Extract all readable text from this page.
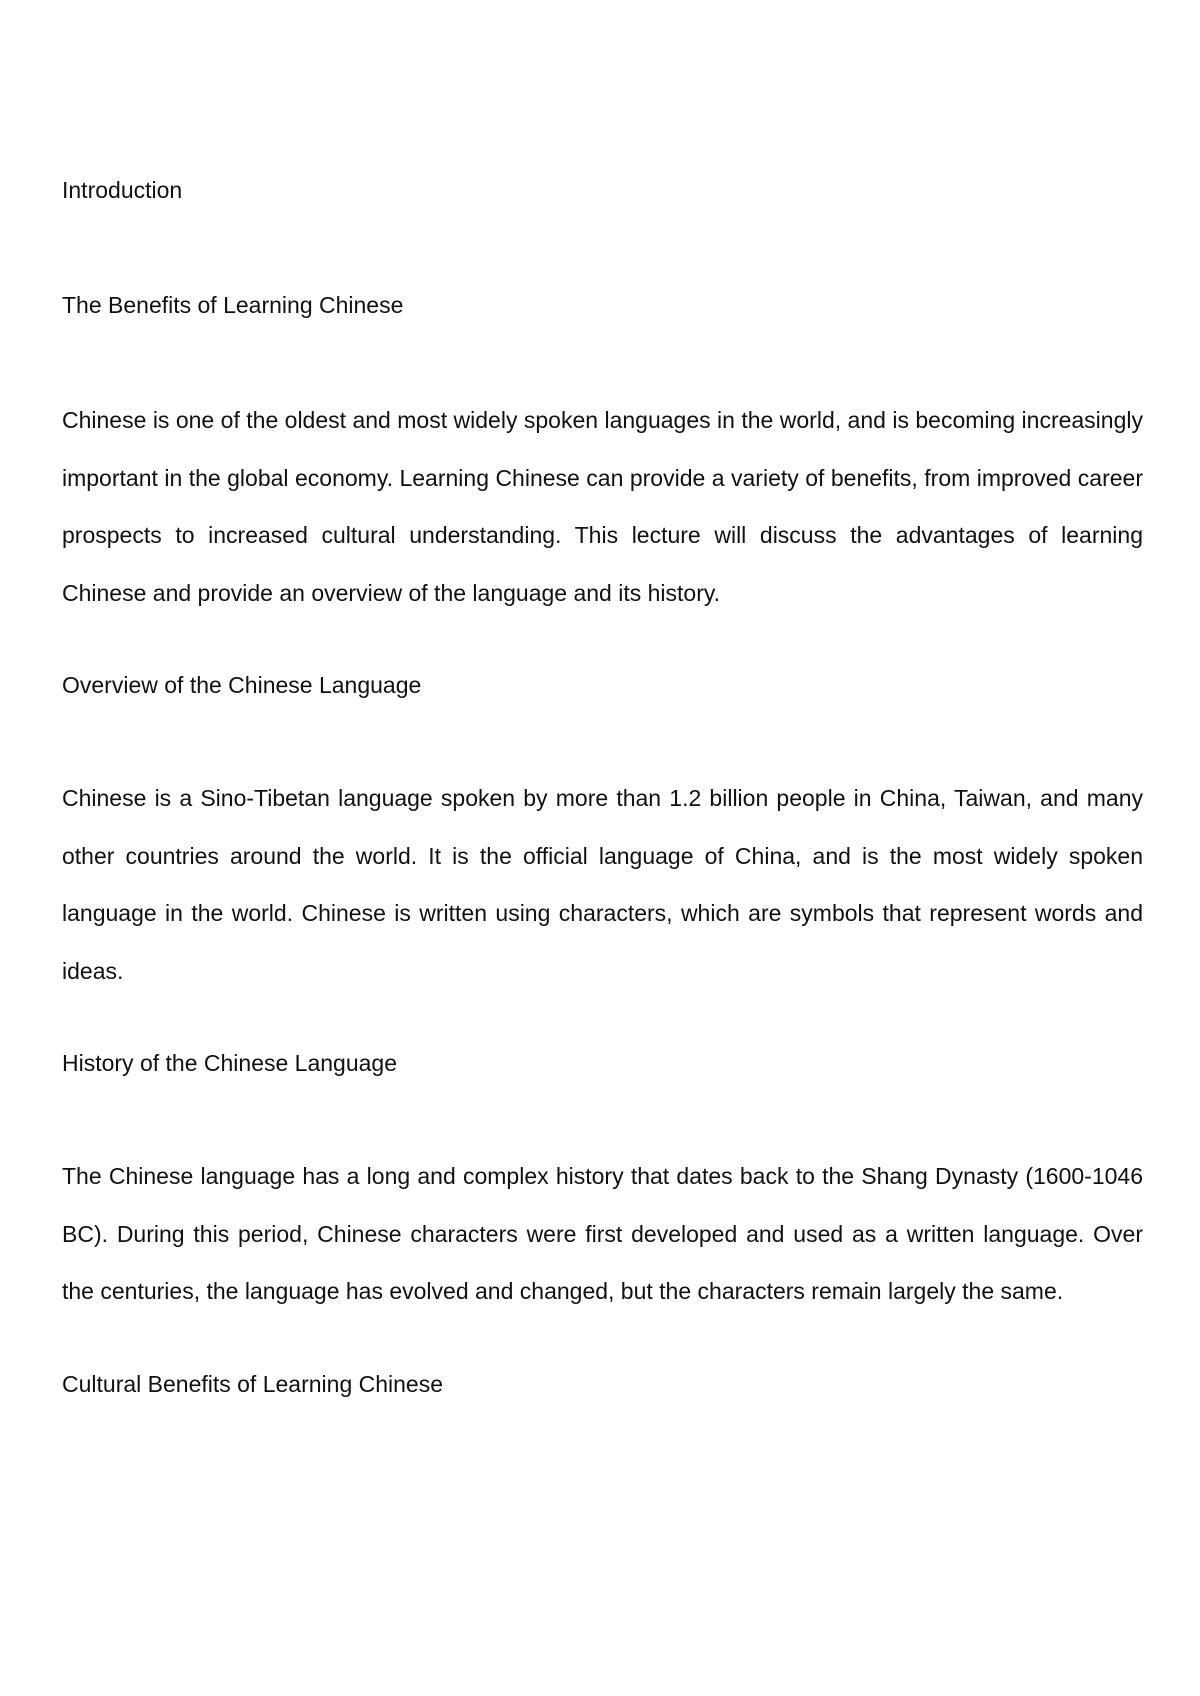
Introduction

The Benefits of Learning Chinese

Chinese is one of the oldest and most widely spoken languages in the world, and is becoming increasingly important in the global economy. Learning Chinese can provide a variety of benefits, from improved career prospects to increased cultural understanding. This lecture will discuss the advantages of learning Chinese and provide an overview of the language and its history.

Overview of the Chinese Language

Chinese is a Sino-Tibetan language spoken by more than 1.2 billion people in China, Taiwan, and many other countries around the world. It is the official language of China, and is the most widely spoken language in the world. Chinese is written using characters, which are symbols that represent words and ideas.

History of the Chinese Language

The Chinese language has a long and complex history that dates back to the Shang Dynasty (1600-1046 BC). During this period, Chinese characters were first developed and used as a written language. Over the centuries, the language has evolved and changed, but the characters remain largely the same.

Cultural Benefits of Learning Chinese
